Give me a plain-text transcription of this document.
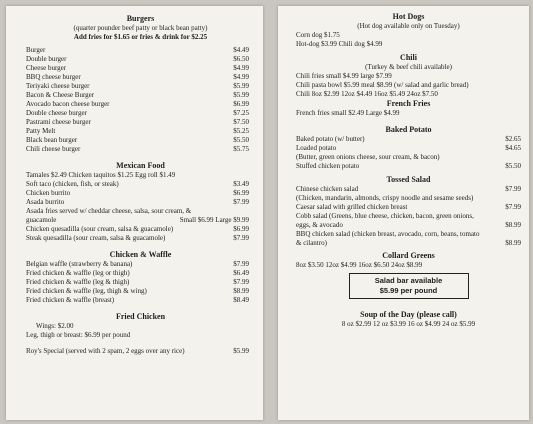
Burgers
(quarter pounder beef patty or black bean patty)
Add fries for $1.65 or fries & drink for $2.25
Burger	$4.49
Double burger	$6.50
Cheese burger	$4.99
BBQ cheese burger	$4.99
Teriyaki cheese burger	$5.99
Bacon & Cheese Burger	$5.99
Avocado bacon cheese burger	$6.99
Double cheese burger	$7.25
Pastrami cheese burger	$7.50
Patty Melt	$5.25
Black bean burger	$5.50
Chili cheese burger	$5.75
Mexican Food
Tamales $2.49 Chicken taquitos $1.25 Egg roll $1.49
Soft taco (chicken, fish, or steak)	$3.49
Chicken burrito	$6.99
Asada burrito	$7.99
Asada fries served w/ cheddar cheese, salsa, sour cream, &
guacamole	Small $6.99 Large $9.99
Chicken quesadilla (sour cream, salsa & guacamole)	$6.99
Steak quesadilla (sour cream, salsa & guacamole)	$7.99
Chicken & Waffle
Belgian waffle (strawberry & banana)	$7.99
Fried chicken & waffle (leg or thigh)	$6.49
Fried chicken & waffle (leg & thigh)	$7.99
Fried chicken & waffle (leg, thigh & wing)	$8.99
Fried chicken & waffle (breast)	$8.49
Fried Chicken
Wings: $2.00
Leg, thigh or breast: $6.99 per pound
Roy's Special (served with 2 spam, 2 eggs over any rice)	$5.99
Hot Dogs
(Hot dog available only on Tuesday)
Corn dog $1.75
Hot-dog $3.99 Chili dog $4.99
Chili
(Turkey & beef chili available)
Chili fries small $4.99 large $7.99
Chili pasta bowl $5.99 meal $8.99 (w/ salad and garlic bread)
Chili 8oz $2.99 12oz $4.49 16oz $5.49 24oz $7.50
French Fries
French fries small $2.49 Large $4.99
Baked Potato
Baked potato (w/ butter)	$2.65
Loaded potato	$4.65
(Butter, green onions cheese, sour cream, & bacon)
Stuffed chicken potato	$5.50
Tossed Salad
Chinese chicken salad	$7.99
(Chicken, mandarin, almonds, crispy noodle and sesame seeds)
Caesar salad with grilled chicken breast	$7.99
Cobb salad (Greens, blue cheese, chicken, bacon, green onions,
eggs, & avocado	$8.99
BBQ chicken salad (chicken breast, avocado, corn, beans, tomato
& cilantro)	$8.99
Collard Greens
8oz $3.50 12oz $4.99 16oz $6.50 24oz $8.99
Salad bar available
$5.99 per pound
Soup of the Day (please call)
8 oz $2.99 12 oz $3.99 16 oz $4.99 24 oz $5.99
